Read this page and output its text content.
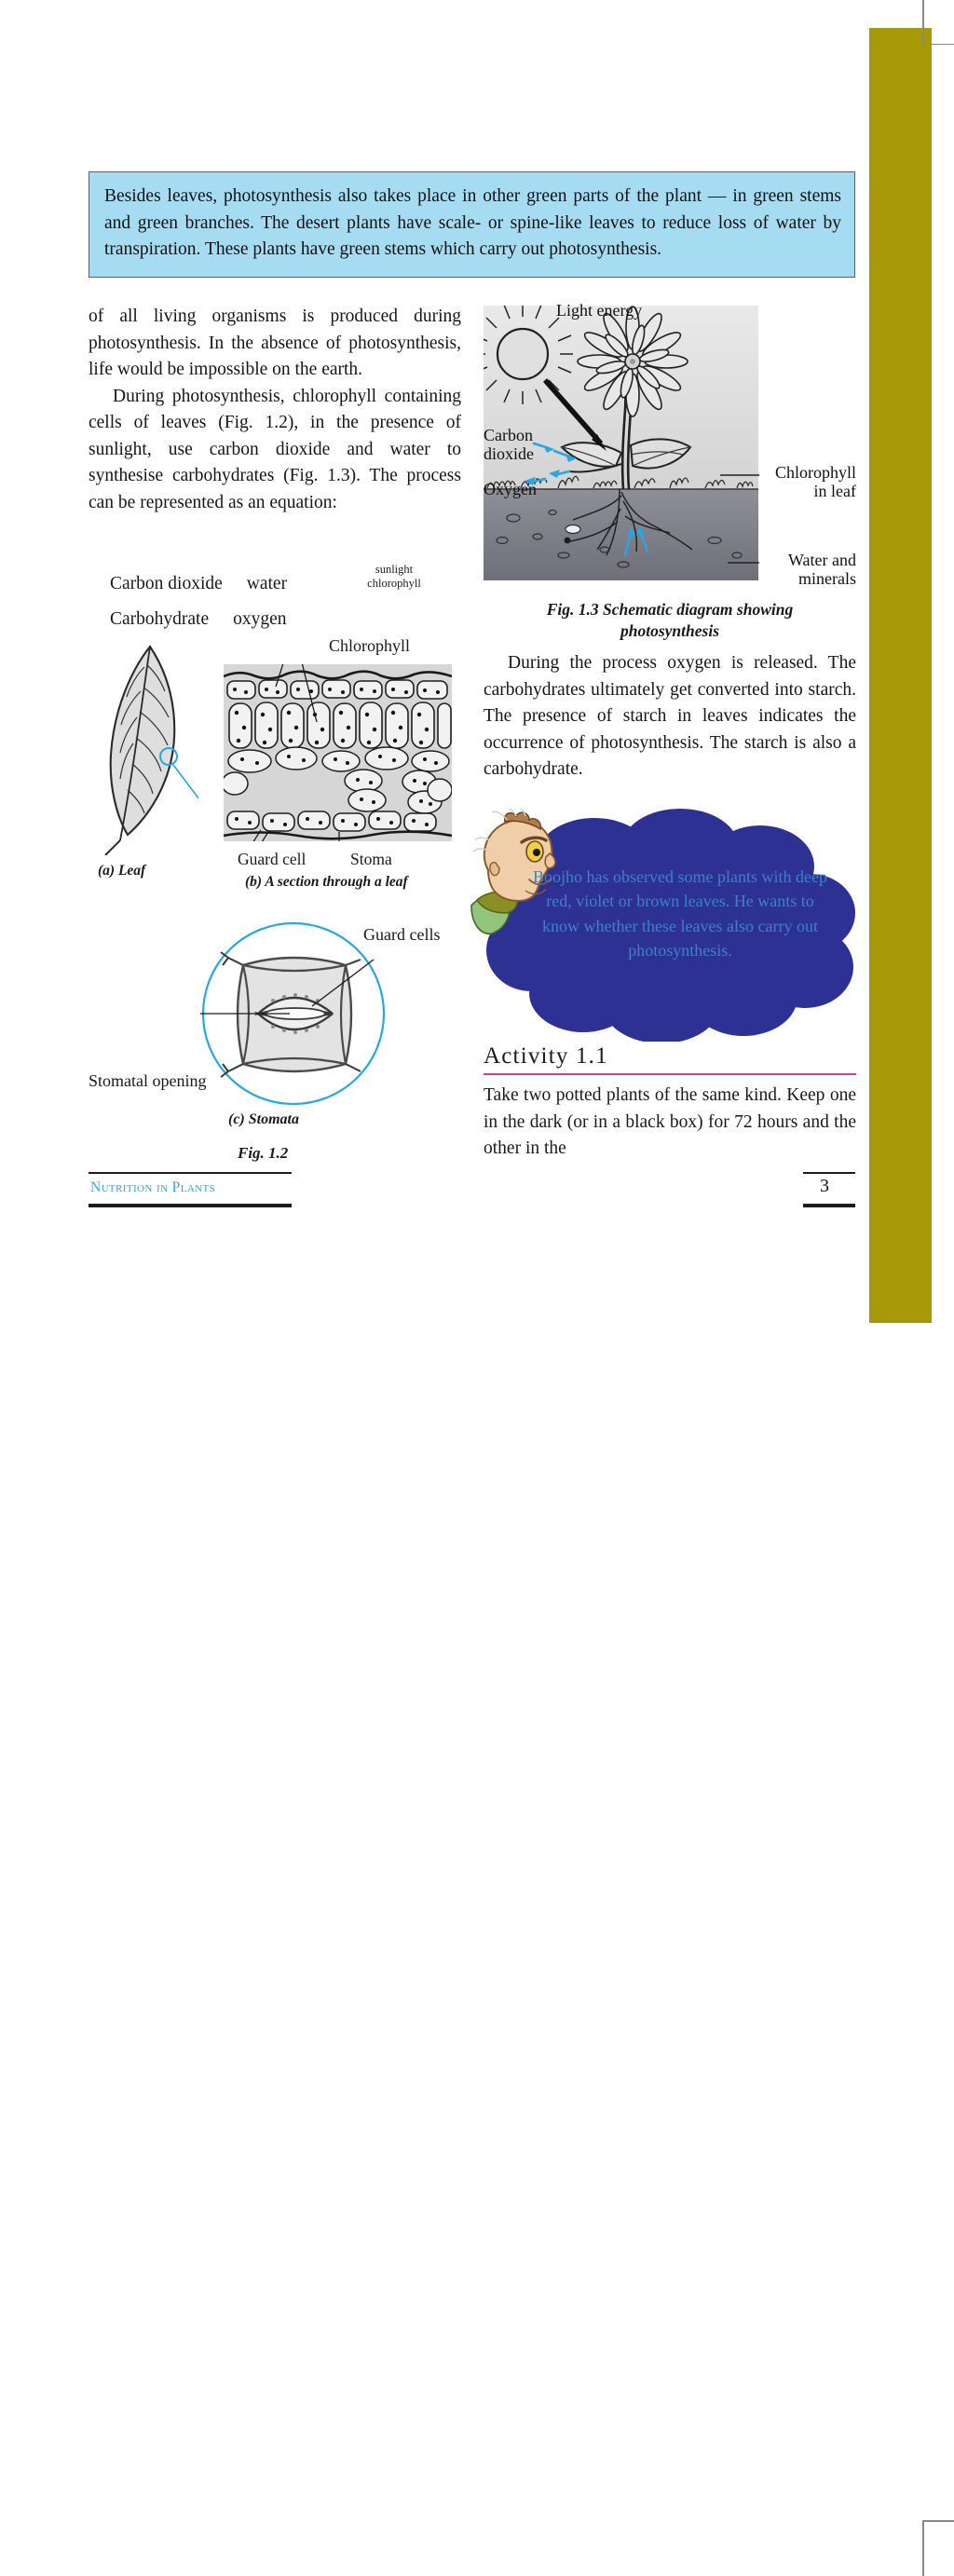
Besides leaves, photosynthesis also takes place in other green parts of the plant — in green stems and green branches. The desert plants have scale- or spine-like leaves to reduce loss of water by transpiration. These plants have green stems which carry out photosynthesis.

of all living organisms is produced during photosynthesis. In the absence of photosynthesis, life would be impossible on the earth.

During photosynthesis, chlorophyll containing cells of leaves (Fig. 1.2), in the presence of sunlight, use carbon dioxide and water to synthesise carbohydrates (Fig. 1.3). The process can be represented as an equation:

Carbon dioxide water
sunlight
chlorophyll
Carbohydrate oxygen
(a) Leaf
Chlorophyll
Guard cell	Stoma
(b) A section through a leaf
Guard cells
Stomatal opening
(c) Stomata
Fig. 1.2
Light energy
Carbon
dioxide
Oxygen
Chlorophyll
in leaf
Water and
minerals
Fig. 1.3 Schematic diagram showing
photosynthesis

During the process oxygen is released. The carbohydrates ultimately get converted into starch. The presence of starch in leaves indicates the occurrence of photosynthesis. The starch is also a carbohydrate.

Boojho has observed some plants with deep red, violet or brown leaves. He wants to know whether these leaves also carry out photosynthesis.
Activity 1.1
Take two potted plants of the same kind. Keep one in the dark (or in a black box) for 72 hours and the other in the
Nutrition in Plants	3
